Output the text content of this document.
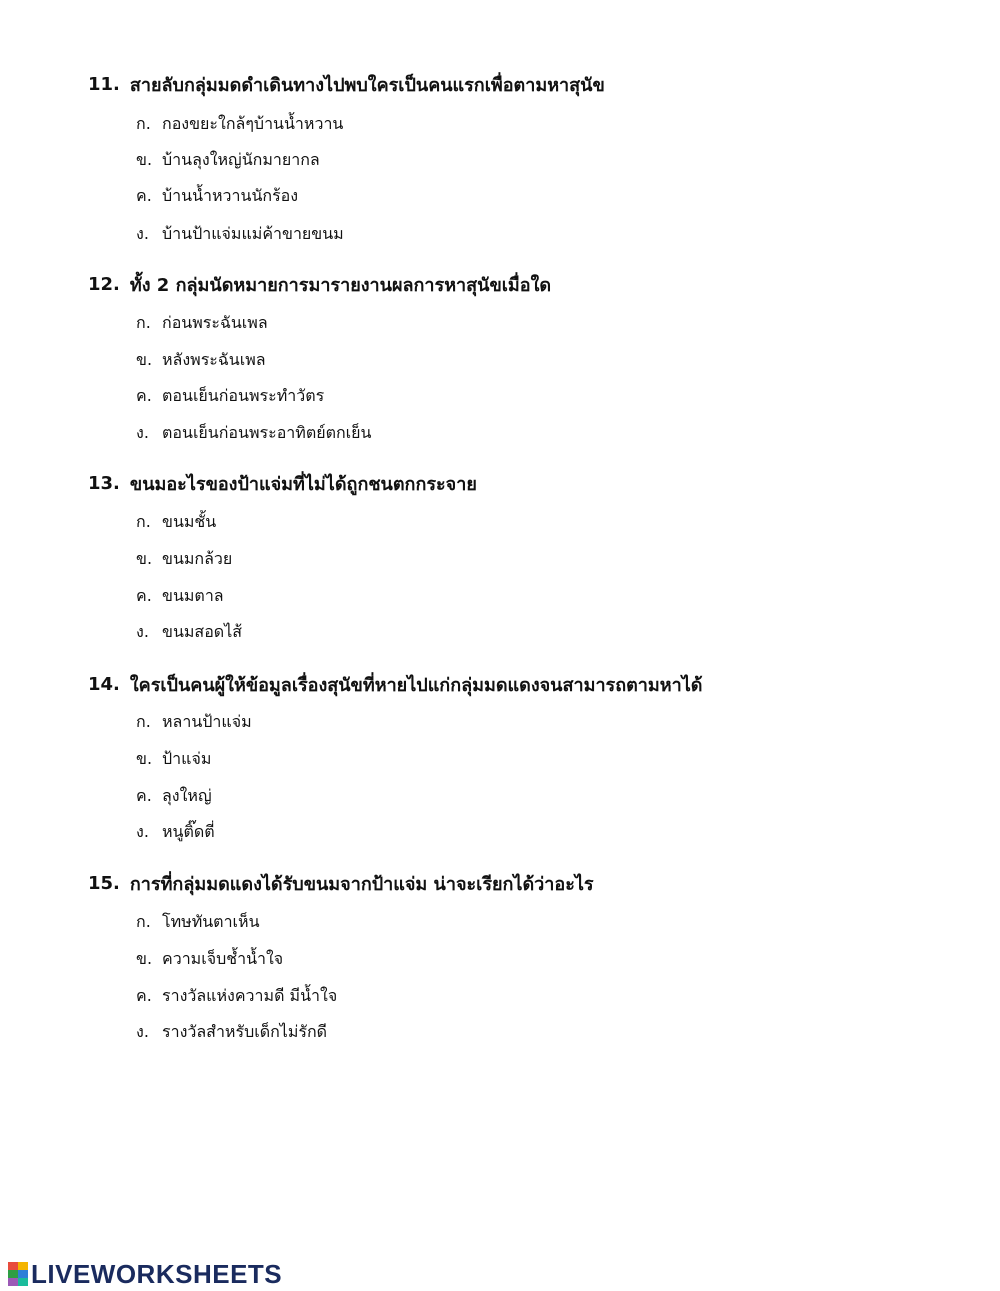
11. สายลับกลุ่มมดดำเดินทางไปพบใครเป็นคนแรกเพื่อตามหาสุนัข
ก. กองขยะใกล้ๆบ้านน้ำหวาน
ข. บ้านลุงใหญ่นักมายากล
ค. บ้านน้ำหวานนักร้อง
ง. บ้านป้าแจ่มแม่ค้าขายขนม
12. ทั้ง 2 กลุ่มนัดหมายการมารายงานผลการหาสุนัขเมื่อใด
ก. ก่อนพระฉันเพล
ข. หลังพระฉันเพล
ค. ตอนเย็นก่อนพระทำวัตร
ง. ตอนเย็นก่อนพระอาทิตย์ตกเย็น
13. ขนมอะไรของป้าแจ่มที่ไม่ได้ถูกชนตกกระจาย
ก. ขนมชั้น
ข. ขนมกล้วย
ค. ขนมตาล
ง. ขนมสอดไส้
14. ใครเป็นคนผู้ให้ข้อมูลเรื่องสุนัขที่หายไปแก่กลุ่มมดแดงจนสามารถตามหาได้
ก. หลานป้าแจ่ม
ข. ป้าแจ่ม
ค. ลุงใหญ่
ง. หนูติ๊ดตี่
15. การที่กลุ่มมดแดงได้รับขนมจากป้าแจ่ม น่าจะเรียกได้ว่าอะไร
ก. โทษทันตาเห็น
ข. ความเจ็บช้ำน้ำใจ
ค. รางวัลแห่งความดี มีน้ำใจ
ง. รางวัลสำหรับเด็กไม่รักดี
LIVEWORKSHEETS
